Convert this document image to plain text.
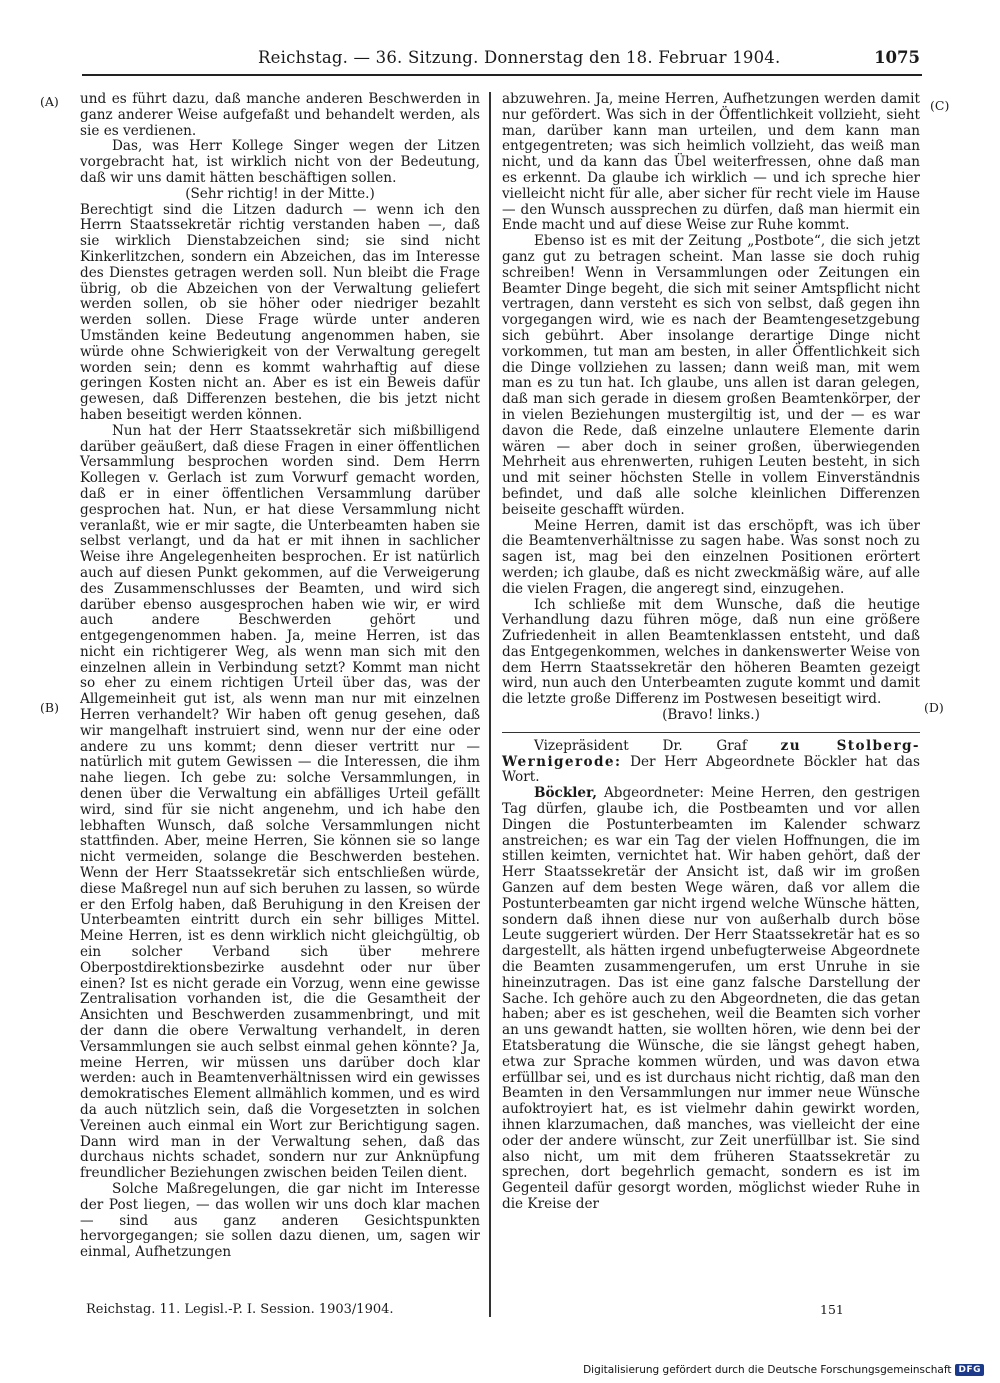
Reichstag. — 36. Sitzung. Donnerstag den 18. Februar 1904.	1075
(A)
(B)
(C)
(D)

und es führt dazu, daß manche anderen Beschwerden in ganz anderer Weise aufgefaßt und behandelt werden, als sie es verdienen.

Das, was Herr Kollege Singer wegen der Litzen vorgebracht hat, ist wirklich nicht von der Bedeutung, daß wir uns damit hätten beschäftigen sollen.

(Sehr richtig! in der Mitte.)

Berechtigt sind die Litzen dadurch — wenn ich den Herrn Staatssekretär richtig verstanden haben —, daß sie wirklich Dienstabzeichen sind; sie sind nicht Kinkerlitzchen, sondern ein Abzeichen, das im Interesse des Dienstes getragen werden soll. Nun bleibt die Frage übrig, ob die Abzeichen von der Verwaltung geliefert werden sollen, ob sie höher oder niedriger bezahlt werden sollen. Diese Frage würde unter anderen Umständen keine Bedeutung angenommen haben, sie würde ohne Schwierigkeit von der Verwaltung geregelt worden sein; denn es kommt wahrhaftig auf diese geringen Kosten nicht an. Aber es ist ein Beweis dafür gewesen, daß Differenzen bestehen, die bis jetzt nicht haben beseitigt werden können.

Nun hat der Herr Staatssekretär sich mißbilligend darüber geäußert, daß diese Fragen in einer öffentlichen Versammlung besprochen worden sind. Dem Herrn Kollegen v. Gerlach ist zum Vorwurf gemacht worden, daß er in einer öffentlichen Versammlung darüber gesprochen hat. Nun, er hat diese Versammlung nicht veranlaßt, wie er mir sagte, die Unterbeamten haben sie selbst verlangt, und da hat er mit ihnen in sachlicher Weise ihre Angelegenheiten besprochen. Er ist natürlich auch auf diesen Punkt gekommen, auf die Verweigerung des Zusammenschlusses der Beamten, und wird sich darüber ebenso ausgesprochen haben wie wir, er wird auch andere Beschwerden gehört und entgegengenommen haben. Ja, meine Herren, ist das nicht ein richtigerer Weg, als wenn man sich mit den einzelnen allein in Verbindung setzt? Kommt man nicht so eher zu einem richtigen Urteil über das, was der Allgemeinheit gut ist, als wenn man nur mit einzelnen Herren verhandelt? Wir haben oft genug gesehen, daß wir mangelhaft instruiert sind, wenn nur der eine oder andere zu uns kommt; denn dieser vertritt nur — natürlich mit gutem Gewissen — die Interessen, die ihm nahe liegen. Ich gebe zu: solche Versammlungen, in denen über die Verwaltung ein abfälliges Urteil gefällt wird, sind für sie nicht angenehm, und ich habe den lebhaften Wunsch, daß solche Versammlungen nicht stattfinden. Aber, meine Herren, Sie können sie so lange nicht vermeiden, solange die Beschwerden bestehen. Wenn der Herr Staatssekretär sich entschließen würde, diese Maßregel nun auf sich beruhen zu lassen, so würde er den Erfolg haben, daß Beruhigung in den Kreisen der Unterbeamten eintritt durch ein sehr billiges Mittel. Meine Herren, ist es denn wirklich nicht gleichgültig, ob ein solcher Verband sich über mehrere Oberpostdirektionsbezirke ausdehnt oder nur über einen? Ist es nicht gerade ein Vorzug, wenn eine gewisse Zentralisation vorhanden ist, die die Gesamtheit der Ansichten und Beschwerden zusammenbringt, und mit der dann die obere Verwaltung verhandelt, in deren Versammlungen sie auch selbst einmal gehen könnte? Ja, meine Herren, wir müssen uns darüber doch klar werden: auch in Beamtenverhältnissen wird ein gewisses demokratisches Element allmählich kommen, und es wird da auch nützlich sein, daß die Vorgesetzten in solchen Vereinen auch einmal ein Wort zur Berichtigung sagen. Dann wird man in der Verwaltung sehen, daß das durchaus nichts schadet, sondern nur zur Anknüpfung freundlicher Beziehungen zwischen beiden Teilen dient.

Solche Maßregelungen, die gar nicht im Interesse der Post liegen, — das wollen wir uns doch klar machen — sind aus ganz anderen Gesichtspunkten hervorgegangen; sie sollen dazu dienen, um, sagen wir einmal, Aufhetzungen

abzuwehren. Ja, meine Herren, Aufhetzungen werden damit nur gefördert. Was sich in der Öffentlichkeit vollzieht, sieht man, darüber kann man urteilen, und dem kann man entgegentreten; was sich heimlich vollzieht, das weiß man nicht, und da kann das Übel weiterfressen, ohne daß man es erkennt. Da glaube ich wirklich — und ich spreche hier vielleicht nicht für alle, aber sicher für recht viele im Hause — den Wunsch aussprechen zu dürfen, daß man hiermit ein Ende macht und auf diese Weise zur Ruhe kommt.

Ebenso ist es mit der Zeitung „Postbote“, die sich jetzt ganz gut zu betragen scheint. Man lasse sie doch ruhig schreiben! Wenn in Versammlungen oder Zeitungen ein Beamter Dinge begeht, die sich mit seiner Amtspflicht nicht vertragen, dann versteht es sich von selbst, daß gegen ihn vorgegangen wird, wie es nach der Beamtengesetzgebung sich gebührt. Aber insolange derartige Dinge nicht vorkommen, tut man am besten, in aller Öffentlichkeit sich die Dinge vollziehen zu lassen; dann weiß man, mit wem man es zu tun hat. Ich glaube, uns allen ist daran gelegen, daß man sich gerade in diesem großen Beamtenkörper, der in vielen Beziehungen mustergiltig ist, und der — es war davon die Rede, daß einzelne unlautere Elemente darin wären — aber doch in seiner großen, überwiegenden Mehrheit aus ehrenwerten, ruhigen Leuten besteht, in sich und mit seiner höchsten Stelle in vollem Einverständnis befindet, und daß alle solche kleinlichen Differenzen beiseite geschafft würden.

Meine Herren, damit ist das erschöpft, was ich über die Beamtenverhältnisse zu sagen habe. Was sonst noch zu sagen ist, mag bei den einzelnen Positionen erörtert werden; ich glaube, daß es nicht zweckmäßig wäre, auf alle die vielen Fragen, die angeregt sind, einzugehen.

Ich schließe mit dem Wunsche, daß die heutige Verhandlung dazu führen möge, daß nun eine größere Zufriedenheit in allen Beamtenklassen entsteht, und daß das Entgegenkommen, welches in dankenswerter Weise von dem Herrn Staatssekretär den höheren Beamten gezeigt wird, nun auch den Unterbeamten zugute kommt und damit die letzte große Differenz im Postwesen beseitigt wird.

(Bravo! links.)

Vizepräsident Dr. Graf zu Stolberg-Wernigerode: Der Herr Abgeordnete Böckler hat das Wort.

Böckler, Abgeordneter: Meine Herren, den gestrigen Tag dürfen, glaube ich, die Postbeamten und vor allen Dingen die Postunterbeamten im Kalender schwarz anstreichen; es war ein Tag der vielen Hoffnungen, die im stillen keimten, vernichtet hat. Wir haben gehört, daß der Herr Staatssekretär der Ansicht ist, daß wir im großen Ganzen auf dem besten Wege wären, daß vor allem die Postunterbeamten gar nicht irgend welche Wünsche hätten, sondern daß ihnen diese nur von außerhalb durch böse Leute suggeriert würden. Der Herr Staatssekretär hat es so dargestellt, als hätten irgend unbefugterweise Abgeordnete die Beamten zusammengerufen, um erst Unruhe in sie hineinzutragen. Das ist eine ganz falsche Darstellung der Sache. Ich gehöre auch zu den Abgeordneten, die das getan haben; aber es ist geschehen, weil die Beamten sich vorher an uns gewandt hatten, sie wollten hören, wie denn bei der Etatsberatung die Wünsche, die sie längst gehegt haben, etwa zur Sprache kommen würden, und was davon etwa erfüllbar sei, und es ist durchaus nicht richtig, daß man den Beamten in den Versammlungen nur immer neue Wünsche aufoktroyiert hat, es ist vielmehr dahin gewirkt worden, ihnen klarzumachen, daß manches, was vielleicht der eine oder der andere wünscht, zur Zeit unerfüllbar ist. Sie sind also nicht, um mit dem früheren Staatssekretär zu sprechen, dort begehrlich gemacht, sondern es ist im Gegenteil dafür gesorgt worden, möglichst wieder Ruhe in die Kreise der

Reichstag. 11. Legisl.-P. I. Session. 1903/1904.	151
Digitalisierung gefördert durch die Deutsche Forschungsgemeinschaft DFG
